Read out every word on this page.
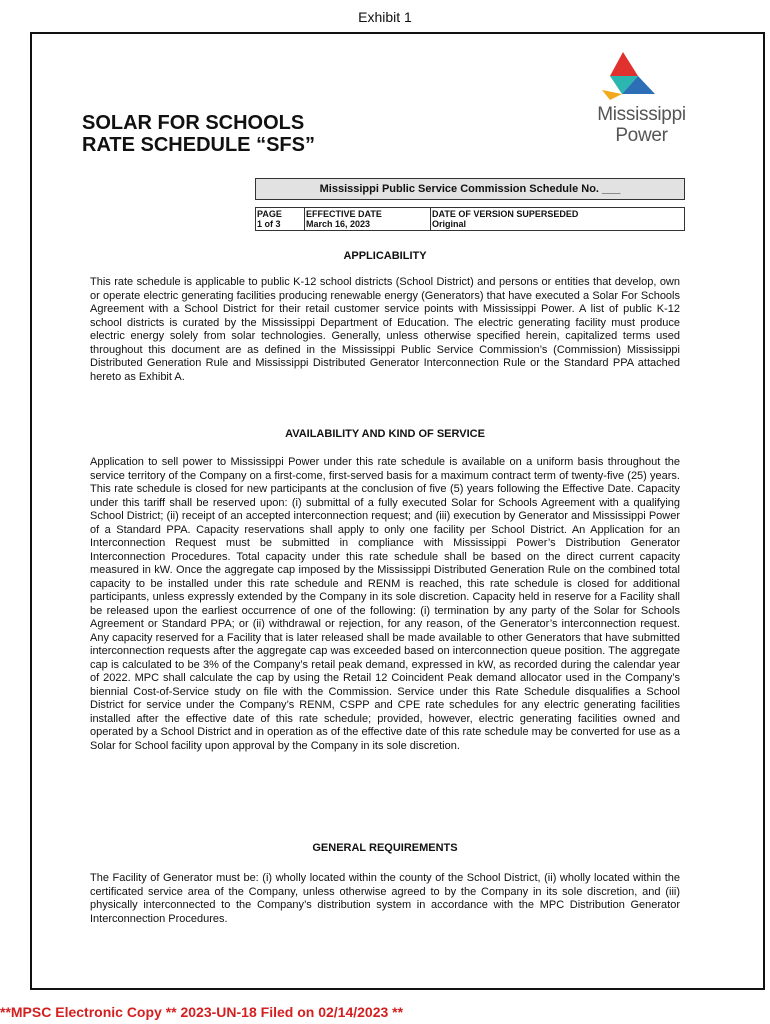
Exhibit 1
SOLAR FOR SCHOOLS
RATE SCHEDULE “SFS”
Mississippi
Power
Mississippi Public Service Commission Schedule No. ___
PAGE
1 of 3
EFFECTIVE DATE
March 16, 2023
DATE OF VERSION SUPERSEDED
Original
APPLICABILITY
This rate schedule is applicable to public K-12 school districts (School District) and persons or entities that develop, own or operate electric generating facilities producing renewable energy (Generators) that have executed a Solar For Schools Agreement with a School District for their retail customer service points with Mississippi Power. A list of public K-12 school districts is curated by the Mississippi Department of Education. The electric generating facility must produce electric energy solely from solar technologies. Generally, unless otherwise specified herein, capitalized terms used throughout this document are as defined in the Mississippi Public Service Commission’s (Commission) Mississippi Distributed Generation Rule and Mississippi Distributed Generator Interconnection Rule or the Standard PPA attached hereto as Exhibit A.
AVAILABILITY AND KIND OF SERVICE
Application to sell power to Mississippi Power under this rate schedule is available on a uniform basis throughout the service territory of the Company on a first-come, first-served basis for a maximum contract term of twenty-five (25) years. This rate schedule is closed for new participants at the conclusion of five (5) years following the Effective Date. Capacity under this tariff shall be reserved upon: (i) submittal of a fully executed Solar for Schools Agreement with a qualifying School District; (ii) receipt of an accepted interconnection request; and (iii) execution by Generator and Mississippi Power of a Standard PPA. Capacity reservations shall apply to only one facility per School District. An Application for an Interconnection Request must be submitted in compliance with Mississippi Power’s Distribution Generator Interconnection Procedures. Total capacity under this rate schedule shall be based on the direct current capacity measured in kW. Once the aggregate cap imposed by the Mississippi Distributed Generation Rule on the combined total capacity to be installed under this rate schedule and RENM is reached, this rate schedule is closed for additional participants, unless expressly extended by the Company in its sole discretion. Capacity held in reserve for a Facility shall be released upon the earliest occurrence of one of the following: (i) termination by any party of the Solar for Schools Agreement or Standard PPA; or (ii) withdrawal or rejection, for any reason, of the Generator’s interconnection request. Any capacity reserved for a Facility that is later released shall be made available to other Generators that have submitted interconnection requests after the aggregate cap was exceeded based on interconnection queue position. The aggregate cap is calculated to be 3% of the Company’s retail peak demand, expressed in kW, as recorded during the calendar year of 2022. MPC shall calculate the cap by using the Retail 12 Coincident Peak demand allocator used in the Company’s biennial Cost-of-Service study on file with the Commission. Service under this Rate Schedule disqualifies a School District for service under the Company’s RENM, CSPP and CPE rate schedules for any electric generating facilities installed after the effective date of this rate schedule; provided, however, electric generating facilities owned and operated by a School District and in operation as of the effective date of this rate schedule may be converted for use as a Solar for School facility upon approval by the Company in its sole discretion.
GENERAL REQUIREMENTS
The Facility of Generator must be: (i) wholly located within the county of the School District, (ii) wholly located within the certificated service area of the Company, unless otherwise agreed to by the Company in its sole discretion, and (iii) physically interconnected to the Company’s distribution system in accordance with the MPC Distribution Generator Interconnection Procedures.
**MPSC Electronic Copy ** 2023-UN-18 Filed on 02/14/2023 **
